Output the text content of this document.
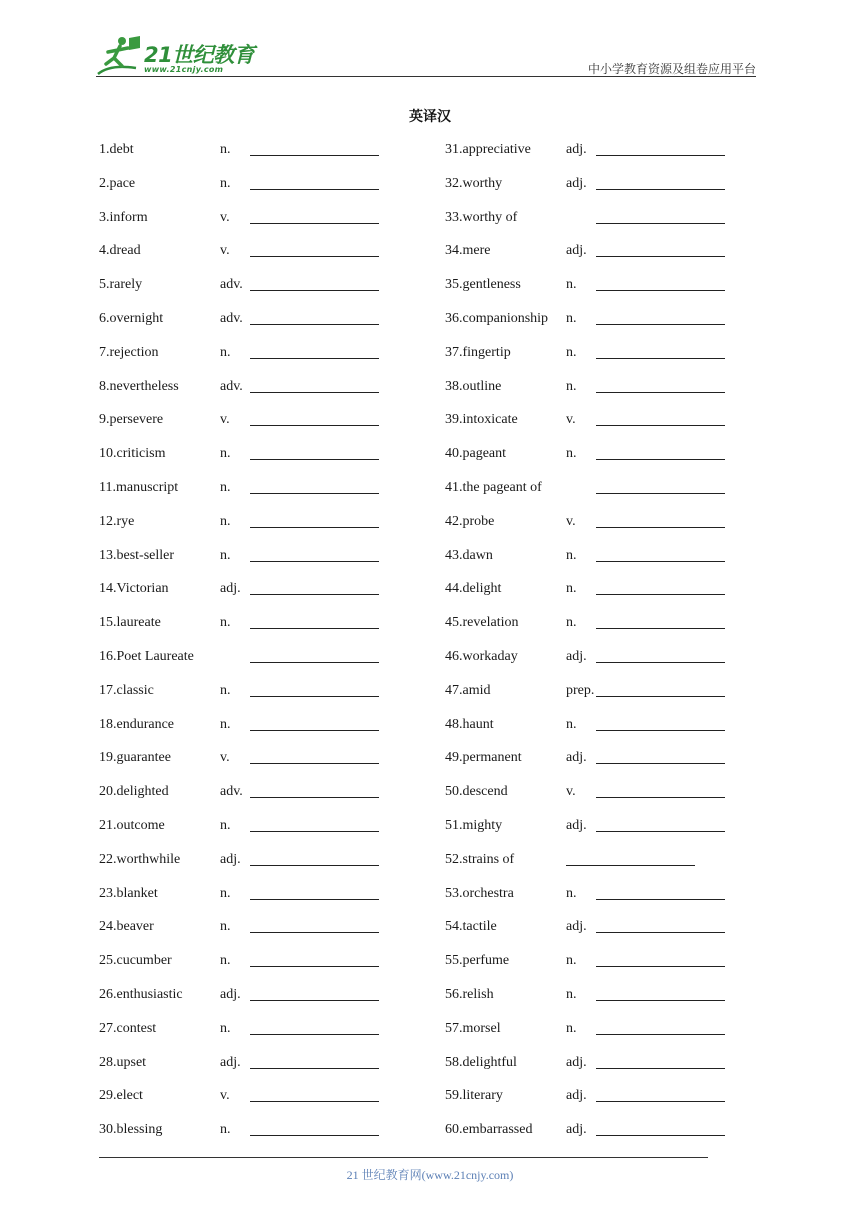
21世纪教育
www.21cnjy.com	中小学教育资源及组卷应用平台
英译汉
1.debt	n.
2.pace	n.
3.inform	v.
4.dread	v.
5.rarely	adv.
6.overnight	adv.
7.rejection	n.
8.nevertheless	adv.
9.persevere	v.
10.criticism	n.
11.manuscript	n.
12.rye	n.
13.best-seller	n.
14.Victorian	adj.
15.laureate	n.
16.Poet Laureate
17.classic	n.
18.endurance	n.
19.guarantee	v.
20.delighted	adv.
21.outcome	n.
22.worthwhile	adj.
23.blanket	n.
24.beaver	n.
25.cucumber	n.
26.enthusiastic	adj.
27.contest	n.
28.upset	adj.
29.elect	v.
30.blessing	n.
31.appreciative	adj.
32.worthy	adj.
33.worthy of
34.mere	adj.
35.gentleness	n.
36.companionship n.
37.fingertip	n.
38.outline	n.
39.intoxicate	v.
40.pageant	n.
41.the pageant of
42.probe	v.
43.dawn	n.
44.delight	n.
45.revelation	n.
46.workaday	adj.
47.amid	prep.
48.haunt	n.
49.permanent	adj.
50.descend	v.
51.mighty	adj.
52.strains of
53.orchestra	n.
54.tactile	adj.
55.perfume	n.
56.relish	n.
57.morsel	n.
58.delightful	adj.
59.literary	adj.
60.embarrassed adj.
21 世纪教育网(www.21cnjy.com)
